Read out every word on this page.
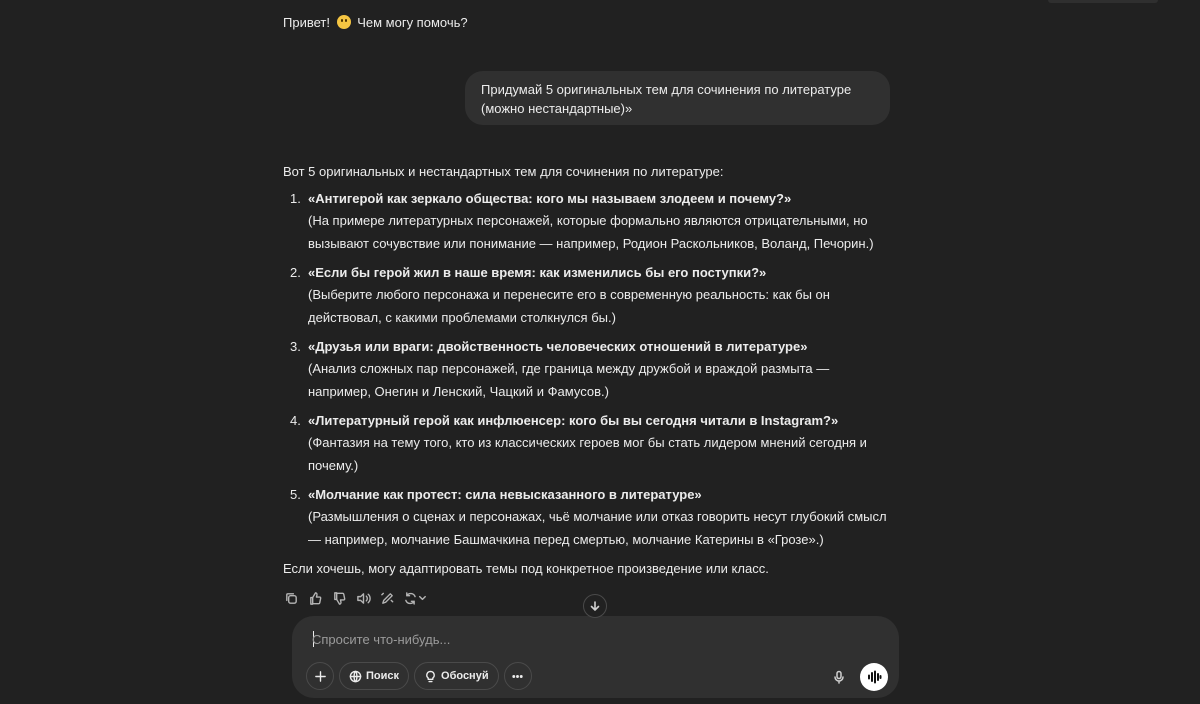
Привет! Чем могу помочь?
Придумай 5 оригинальных тем для сочинения по литературе (можно нестандартные)»
Вот 5 оригинальных и нестандартных тем для сочинения по литературе:
1. «Антигерой как зеркало общества: кого мы называем злодеем и почему?»
(На примере литературных персонажей, которые формально являются отрицательными, но вызывают сочувствие или понимание — например, Родион Раскольников, Воланд, Печорин.)
2. «Если бы герой жил в наше время: как изменились бы его поступки?»
(Выберите любого персонажа и перенесите его в современную реальность: как бы он действовал, с какими проблемами столкнулся бы.)
3. «Друзья или враги: двойственность человеческих отношений в литературе»
(Анализ сложных пар персонажей, где граница между дружбой и враждой размыта — например, Онегин и Ленский, Чацкий и Фамусов.)
4. «Литературный герой как инфлюенсер: кого бы вы сегодня читали в Instagram?»
(Фантазия на тему того, кто из классических героев мог бы стать лидером мнений сегодня и почему.)
5. «Молчание как протест: сила невысказанного в литературе»
(Размышления о сценах и персонажах, чьё молчание или отказ говорить несут глубокий смысл — например, молчание Башмачкина перед смертью, молчание Катерины в «Грозе».)
Если хочешь, могу адаптировать темы под конкретное произведение или класс.
Спросите что-нибудь...
Поиск	Обоснуй
